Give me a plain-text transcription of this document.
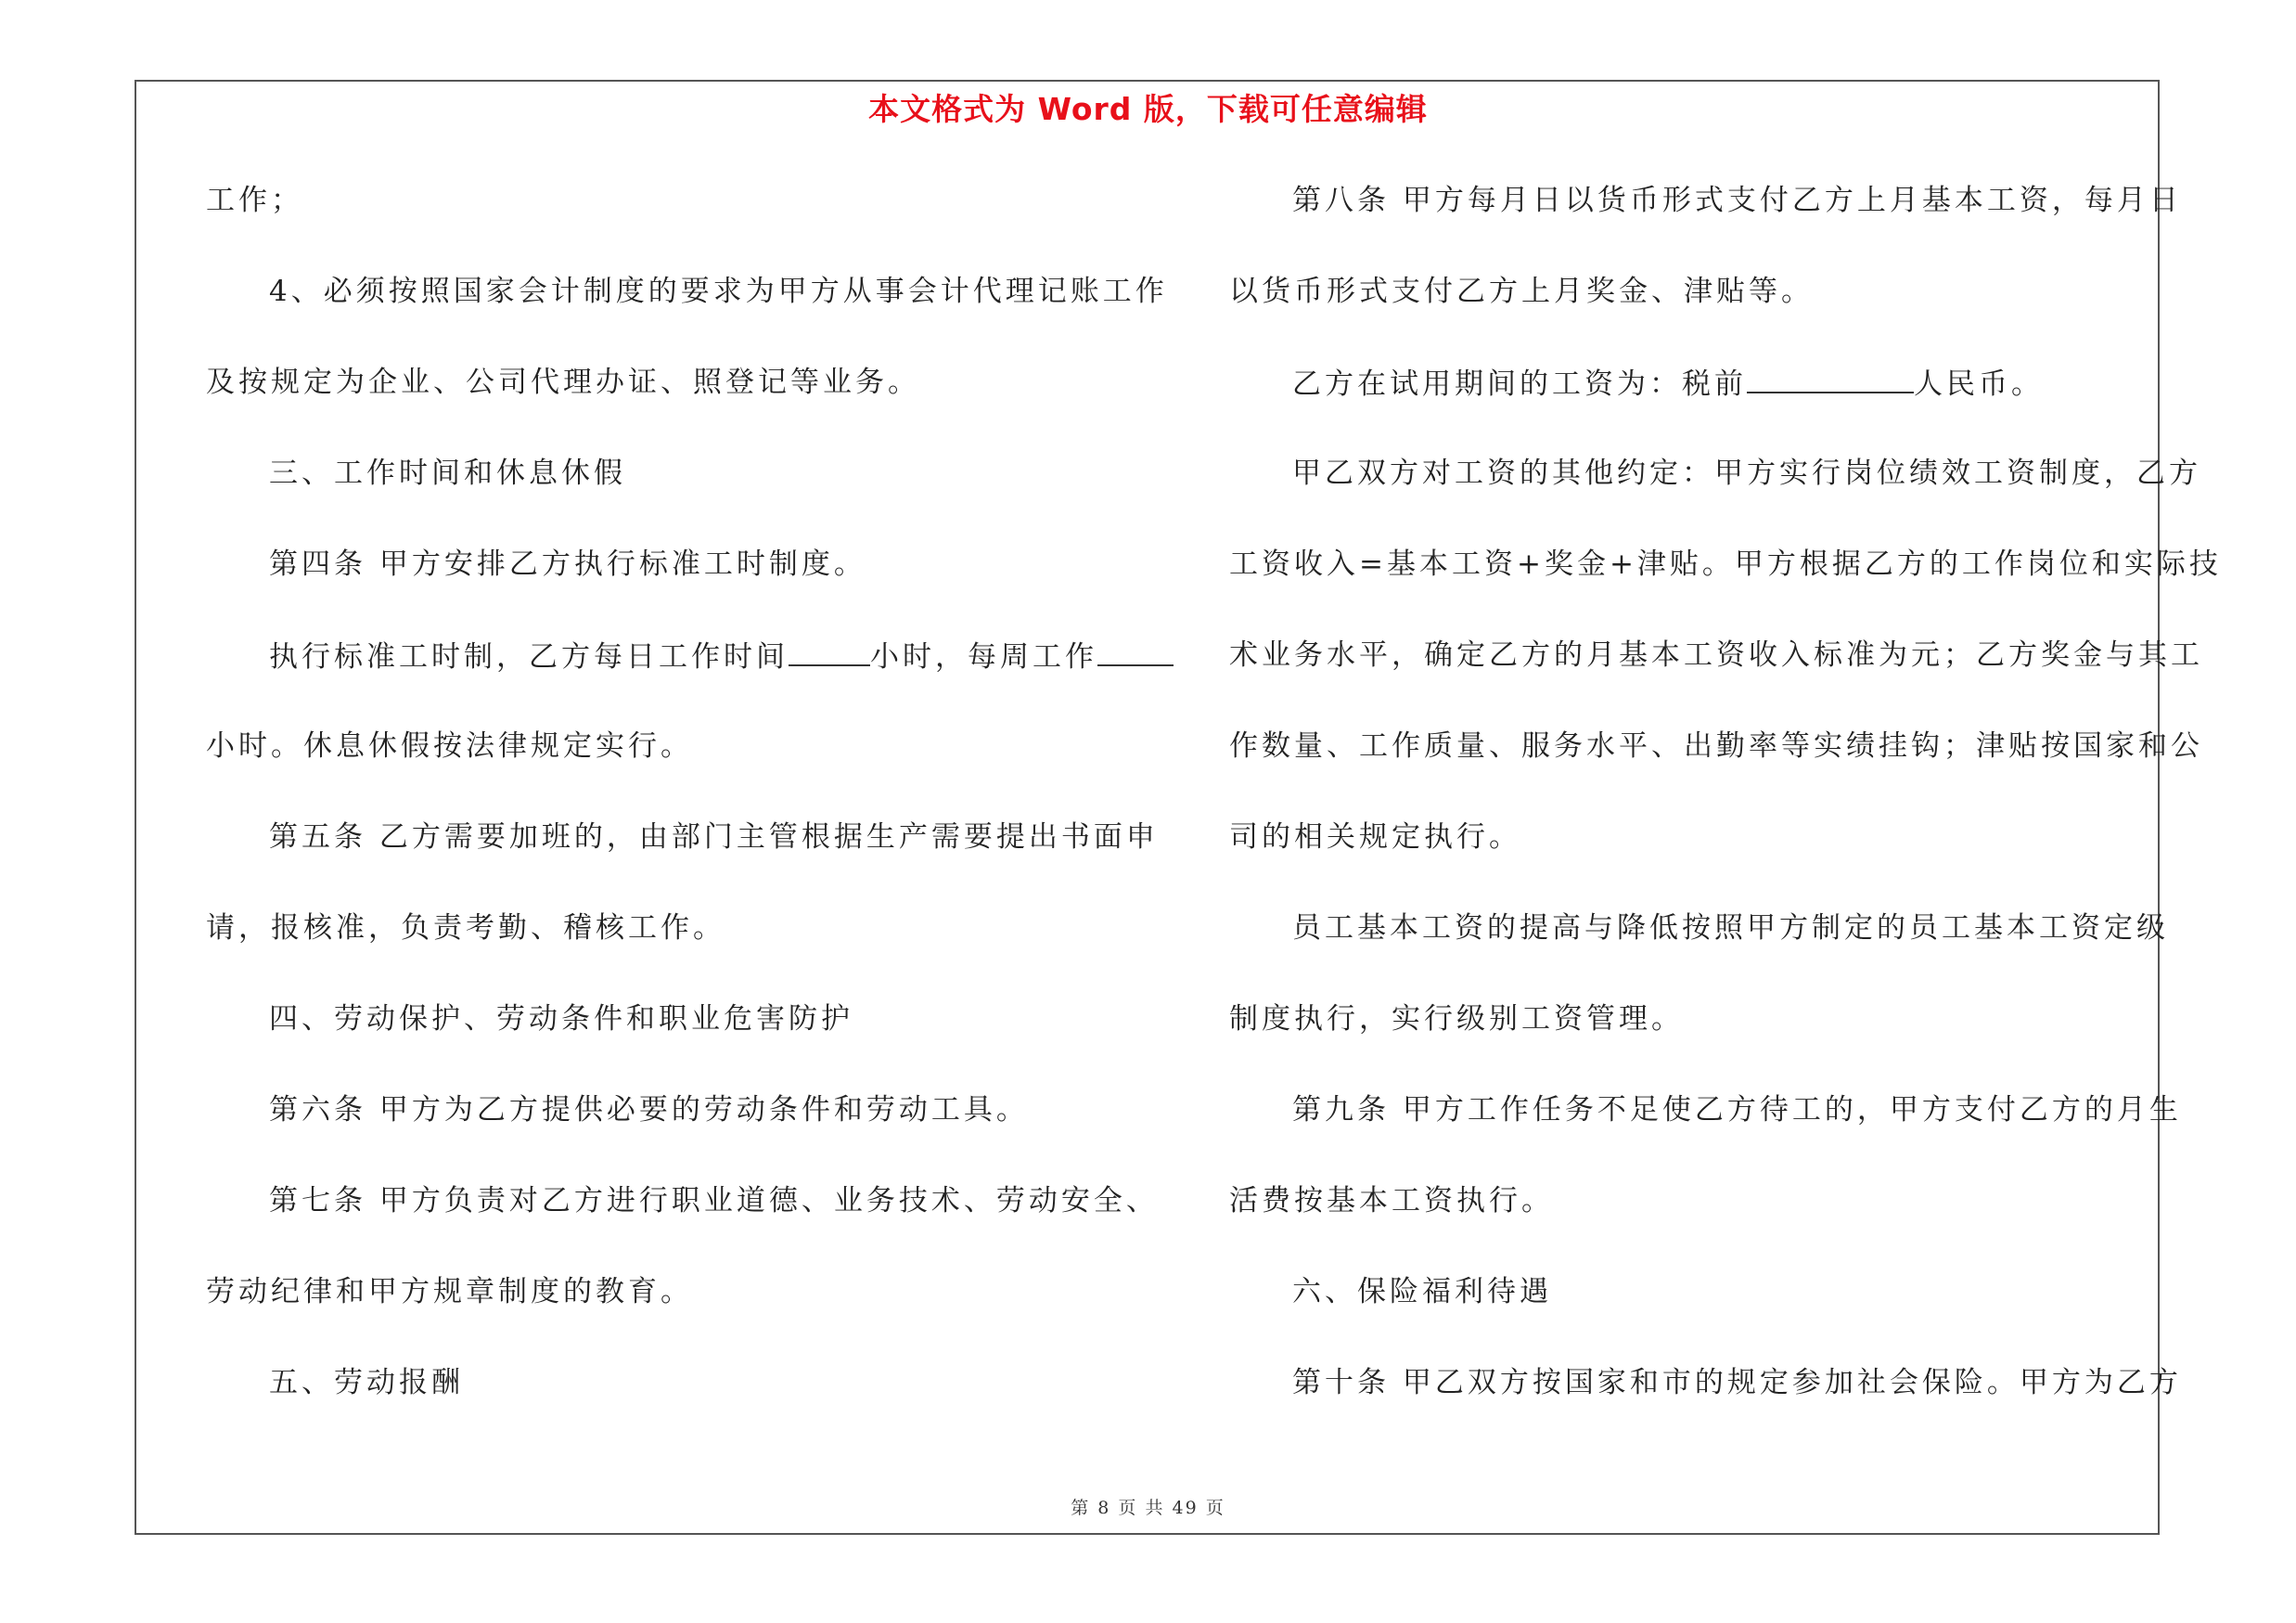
本文格式为 Word 版，下载可任意编辑
工作；
4、必须按照国家会计制度的要求为甲方从事会计代理记账工作
及按规定为企业、公司代理办证、照登记等业务。
三、工作时间和休息休假
第四条 甲方安排乙方执行标准工时制度。
执行标准工时制，乙方每日工作时间	小时，每周工作
小时。休息休假按法律规定实行。
第五条 乙方需要加班的，由部门主管根据生产需要提出书面申
请，报核准，负责考勤、稽核工作。
四、劳动保护、劳动条件和职业危害防护
第六条 甲方为乙方提供必要的劳动条件和劳动工具。
第七条 甲方负责对乙方进行职业道德、业务技术、劳动安全、
劳动纪律和甲方规章制度的教育。
五、劳动报酬
第八条 甲方每月日以货币形式支付乙方上月基本工资，每月日
以货币形式支付乙方上月奖金、津贴等。
乙方在试用期间的工资为：税前	人民币。
甲乙双方对工资的其他约定：甲方实行岗位绩效工资制度，乙方
工资收入=基本工资+奖金+津贴。甲方根据乙方的工作岗位和实际技
术业务水平，确定乙方的月基本工资收入标准为元；乙方奖金与其工
作数量、工作质量、服务水平、出勤率等实绩挂钩；津贴按国家和公
司的相关规定执行。
员工基本工资的提高与降低按照甲方制定的员工基本工资定级
制度执行，实行级别工资管理。
第九条 甲方工作任务不足使乙方待工的，甲方支付乙方的月生
活费按基本工资执行。
六、保险福利待遇
第十条 甲乙双方按国家和市的规定参加社会保险。甲方为乙方
第 8 页 共 49 页
